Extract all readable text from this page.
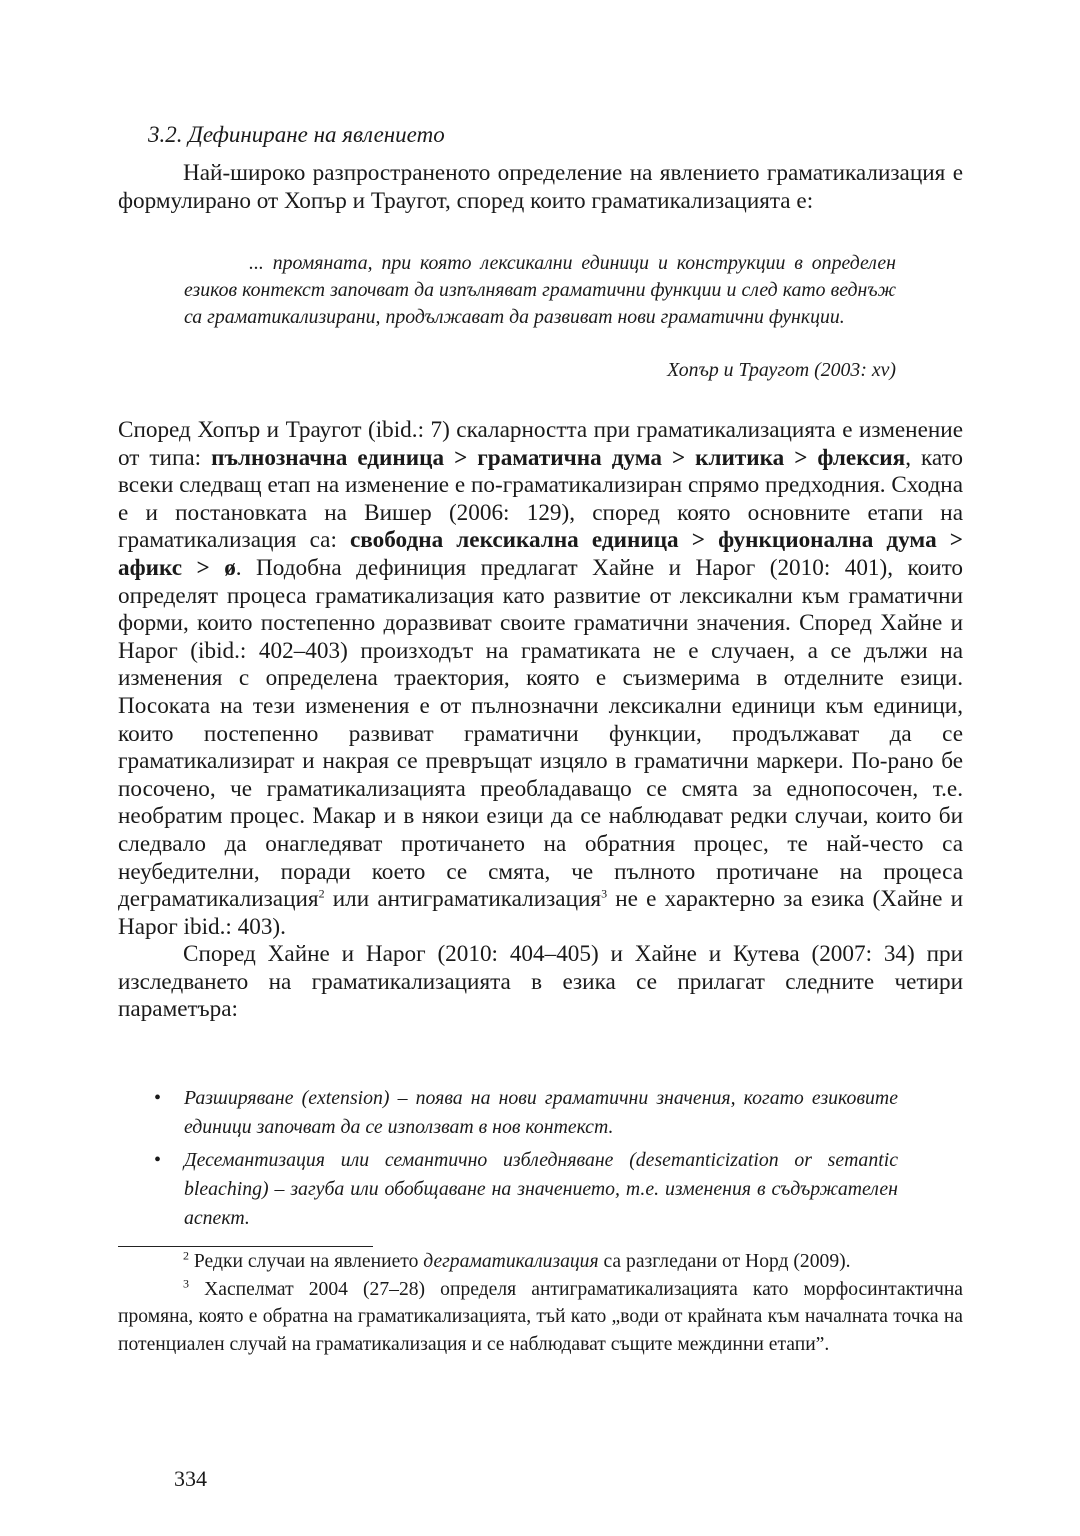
3.2. Дефиниране на явлението

Най-широко разпространеното определение на явлението граматикализация е формулирано от Хопър и Траугот, според които граматикализацията е:

... промяната, при която лексикални единици и конструкции в определен езиков контекст започват да изпълняват граматични функции и след като веднъж са граматикализирани, продължават да развиват нови граматични функции.

Хопър и Траугот (2003: xv)

Според Хопър и Траугот (ibid.: 7) скаларността при граматикализацията е изменение от типа: пълнозначна единица > граматична дума > клитика > флексия, като всеки следващ етап на изменение е по-граматикализиран спрямо предходния. Сходна е и постановката на Вишер (2006: 129), според която основните етапи на граматикализация са: свободна лексикална единица > функционална дума > афикс > ø. Подобна дефиниция предлагат Хайне и Нарог (2010: 401), които определят процеса граматикализация като развитие от лексикални към граматични форми, които постепенно доразвиват своите граматични значения. Според Хайне и Нарог (ibid.: 402–403) произходът на граматиката не е случаен, а се дължи на изменения с определена траектория, която е съизмерима в отделните езици. Посоката на тези изменения е от пълнозначни лексикални единици към единици, които постепенно развиват граматични функции, продължават да се граматикализират и накрая се превръщат изцяло в граматични маркери. По-рано бе посочено, че граматикализацията преобладаващо се смята за еднопосочен, т.е. необратим процес. Макар и в някои езици да се наблюдават редки случаи, които би следвало да онагледяват протичането на обратния процес, те най-често са неубедителни, поради което се смята, че пълното протичане на процеса деграматикализация$^2$ или антиграматикализация$^3$ не е характерно за езика (Хайне и Нарог ibid.: 403).

Според Хайне и Нарог (2010: 404–405) и Хайне и Кутева (2007: 34) при изследването на граматикализацията в езика се прилагат следните четири параметъра:

• Разширяване (extension) – поява на нови граматични значения, когато езиковите единици започват да се използват в нов контекст.
• Десемантизация или семантично избледняване (desemanticization or semantic bleaching) – загуба или обобщаване на значението, т.е. изменения в съдържателен аспект.

$^2$ Редки случаи на явлението деграматикализация са разгледани от Норд (2009).

$^3$ Хаспелмат 2004 (27–28) определя антиграматикализацията като морфосинтактична промяна, която е обратна на граматикализацията, тъй като „води от крайната към началната точка на потенциален случай на граматикализация и се наблюдават същите междинни етапи”.

334
